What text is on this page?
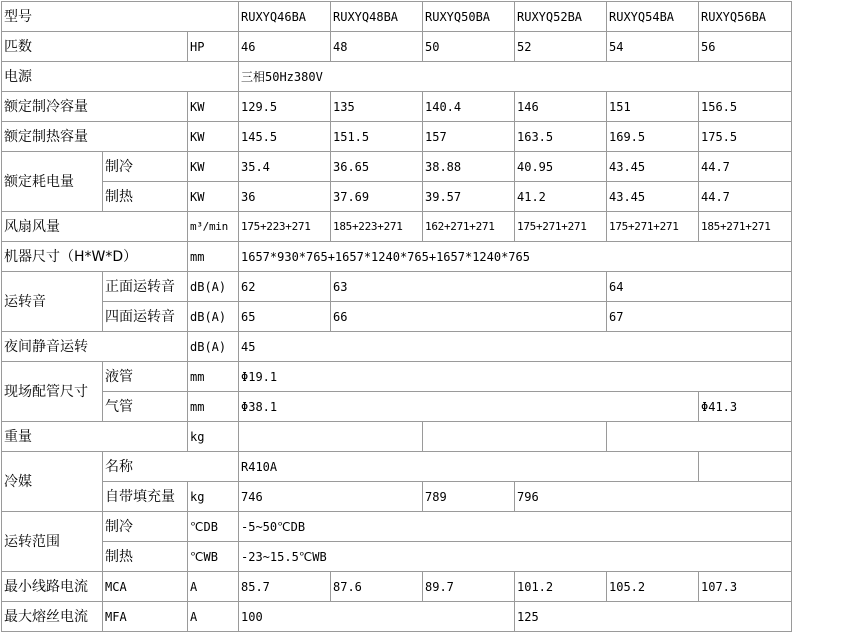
型号			RUXYQ46BA	RUXYQ48BA	RUXYQ50BA	RUXYQ52BA	RUXYQ54BA	RUXYQ56BA
匹数		HP	46	48	50	52	54	56
电源			三相50Hz380V					
额定制冷容量		KW	129.5	135	140.4	146	151	156.5
额定制热容量		KW	145.5	151.5	157	163.5	169.5	175.5
额定耗电量	制冷	KW	35.4	36.65	38.88	40.95	43.45	44.7
	制热	KW	36	37.69	39.57	41.2	43.45	44.7
风扇风量		m³/min	175+223+271	185+223+271	162+271+271	175+271+271	175+271+271	185+271+271
机器尺寸（H*W*D）		mm	1657*930*765+1657*1240*765+1657*1240*765					
运转音	正面运转音	dB(A)	62	63			64	
	四面运转音	dB(A)	65	66			67	
夜间静音运转		dB(A)	45					
现场配管尺寸	液管	mm	Φ19.1					
	气管	mm	Φ38.1					Φ41.3
重量		kg						
冷媒	名称		R410A					
	自带填充量	kg	746		789	796		
运转范围	制冷	℃DB	-5~50℃DB					
	制热	℃WB	-23~15.5℃WB					
最小线路电流	MCA	A	85.7	87.6	89.7	101.2	105.2	107.3
最大熔丝电流	MFA	A	100			125		
